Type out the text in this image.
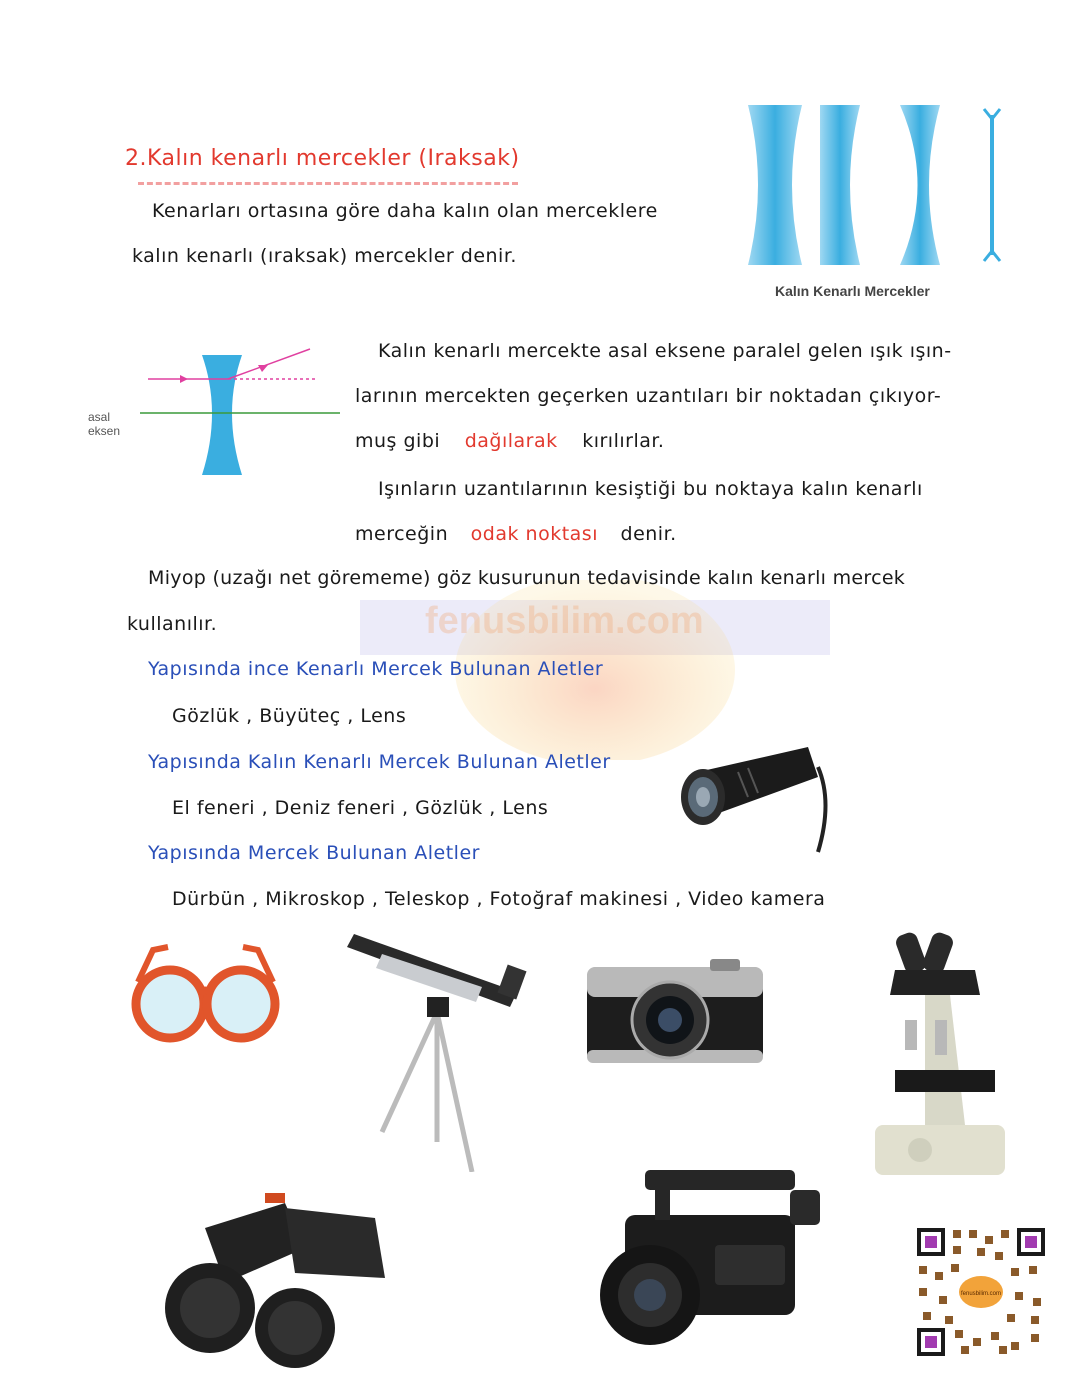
fenusbilim.com
2.Kalın kenarlı mercekler (Iraksak)
Kenarları ortasına göre daha kalın olan merceklere
kalın kenarlı (ıraksak) mercekler denir.
Kalın Kenarlı Mercekler
asal
eksen
Kalın kenarlı mercekte asal eksene paralel gelen ışık ışın-
larının mercekten geçerken uzantıları bir noktadan çıkıyor-
muş gibi dağılarak kırılırlar.
Işınların uzantılarının kesiştiği bu noktaya kalın kenarlı
merceğin odak noktası denir.
Miyop (uzağı net görememe) göz kusurunun tedavisinde kalın kenarlı mercek
kullanılır.
Yapısında ince Kenarlı Mercek Bulunan Aletler
Gözlük , Büyüteç , Lens
Yapısında Kalın Kenarlı Mercek Bulunan Aletler
El feneri , Deniz feneri , Gözlük , Lens
Yapısında Mercek Bulunan Aletler
Dürbün , Mikroskop , Teleskop , Fotoğraf makinesi , Video kamera
fenusbilim.com
